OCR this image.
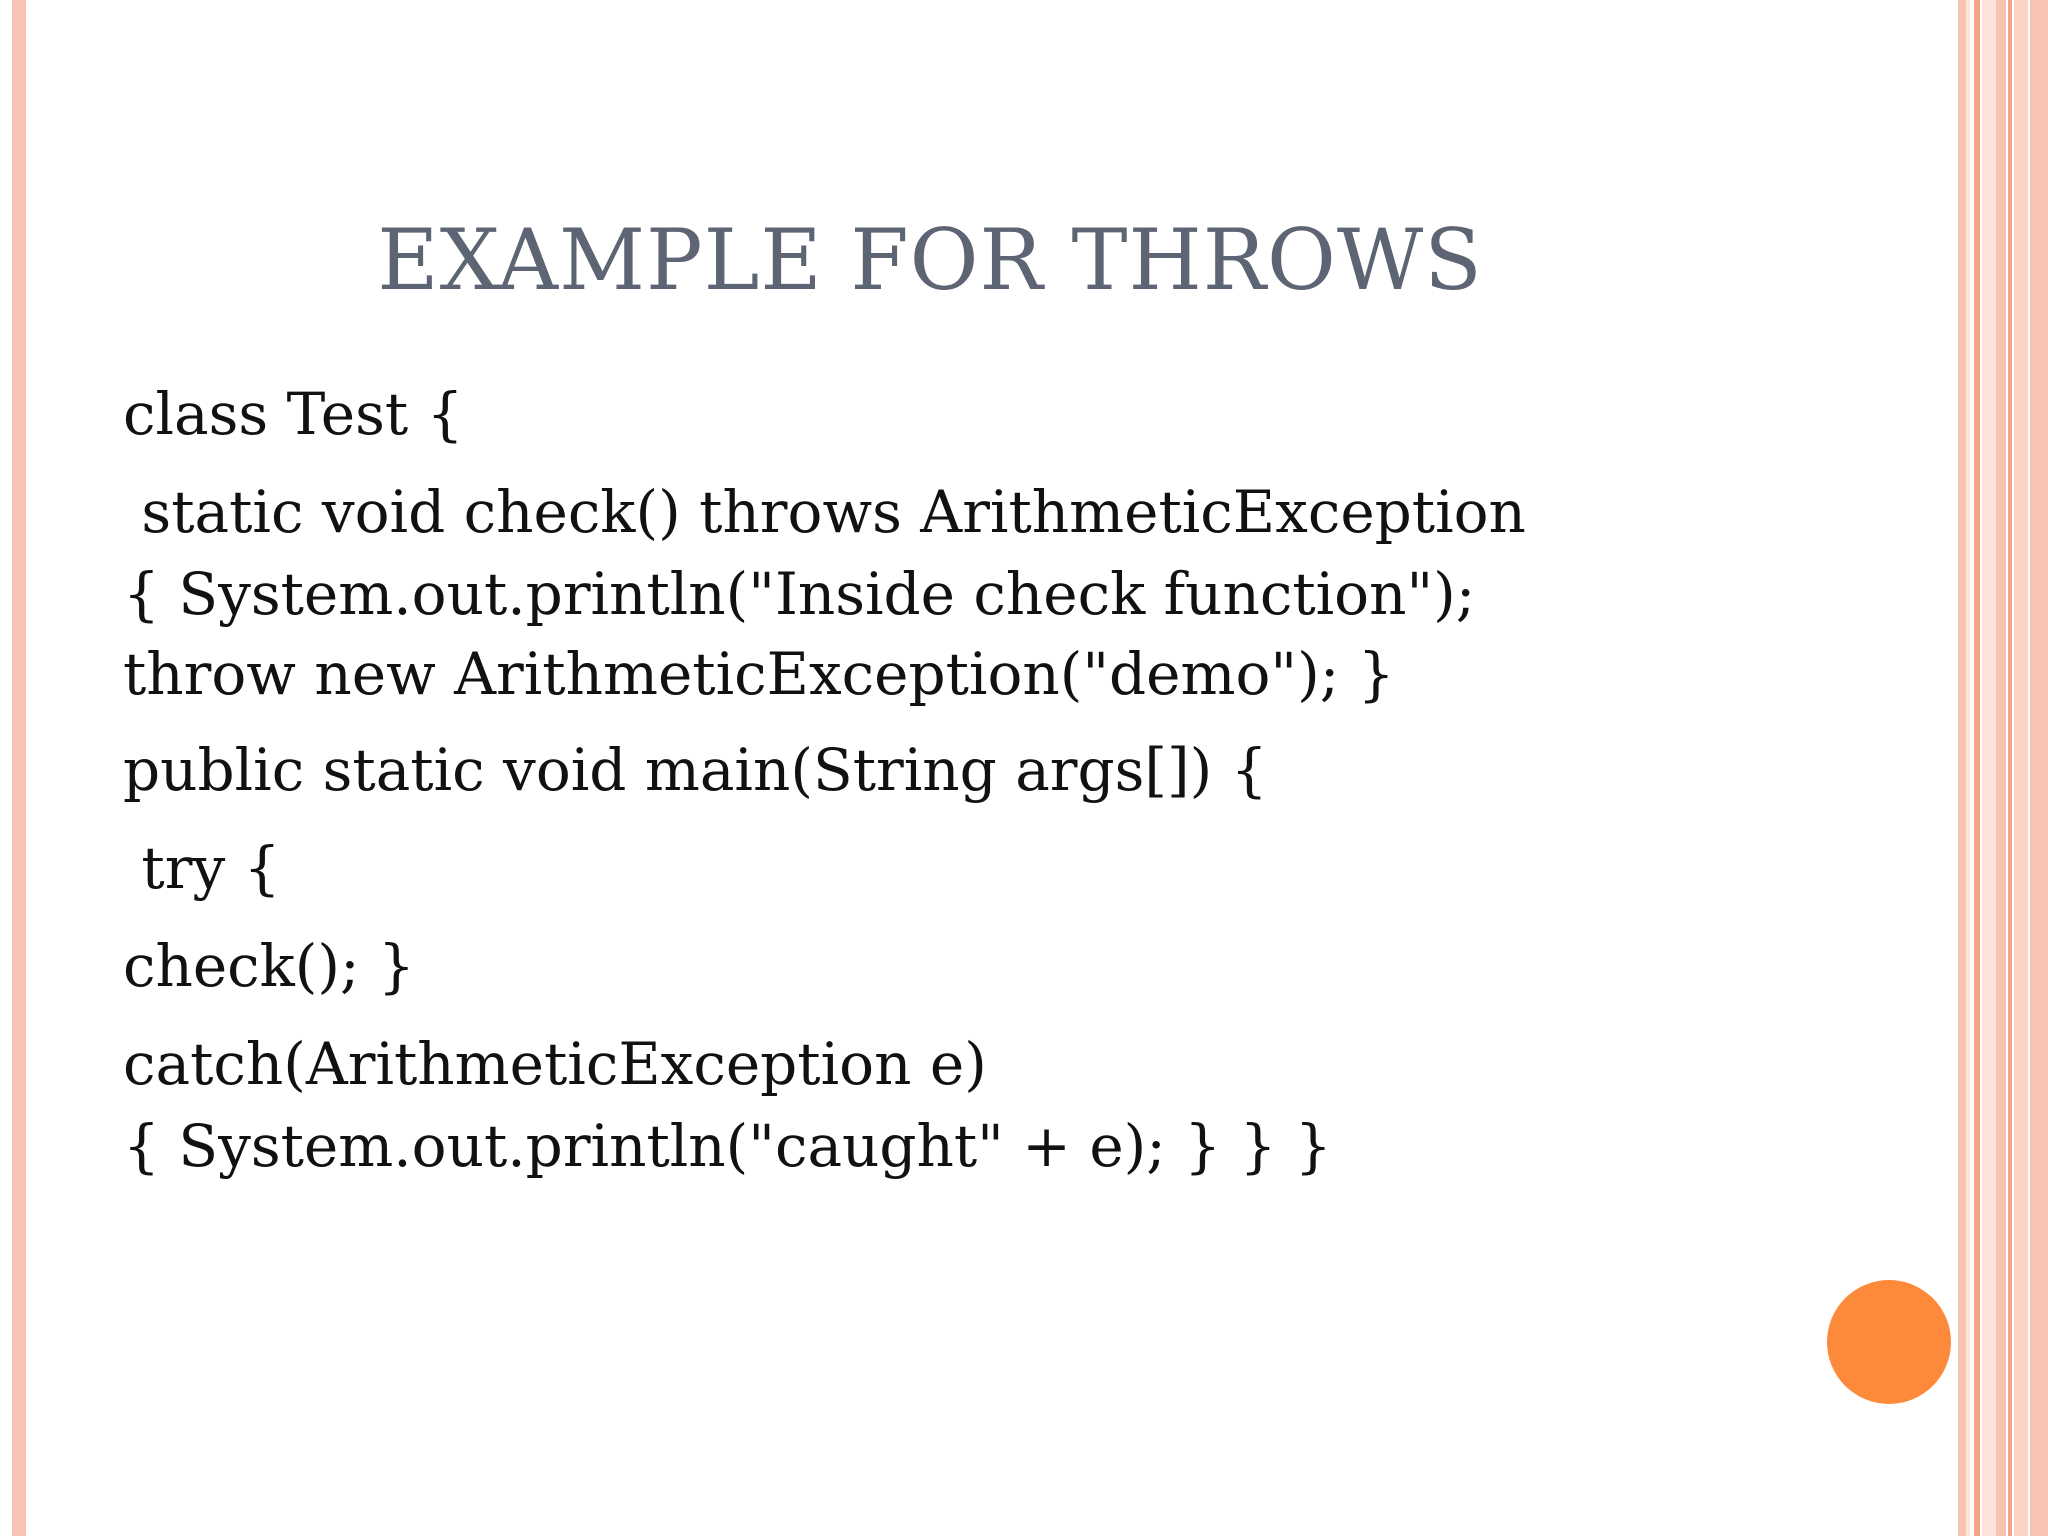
EXAMPLE FOR THROWS
class Test {
static void check() throws ArithmeticException
{ System.out.println("Inside check function");
throw new ArithmeticException("demo"); }
public static void main(String args[]) {
try {
check(); }
catch(ArithmeticException e)
{ System.out.println("caught" + e); } } }
